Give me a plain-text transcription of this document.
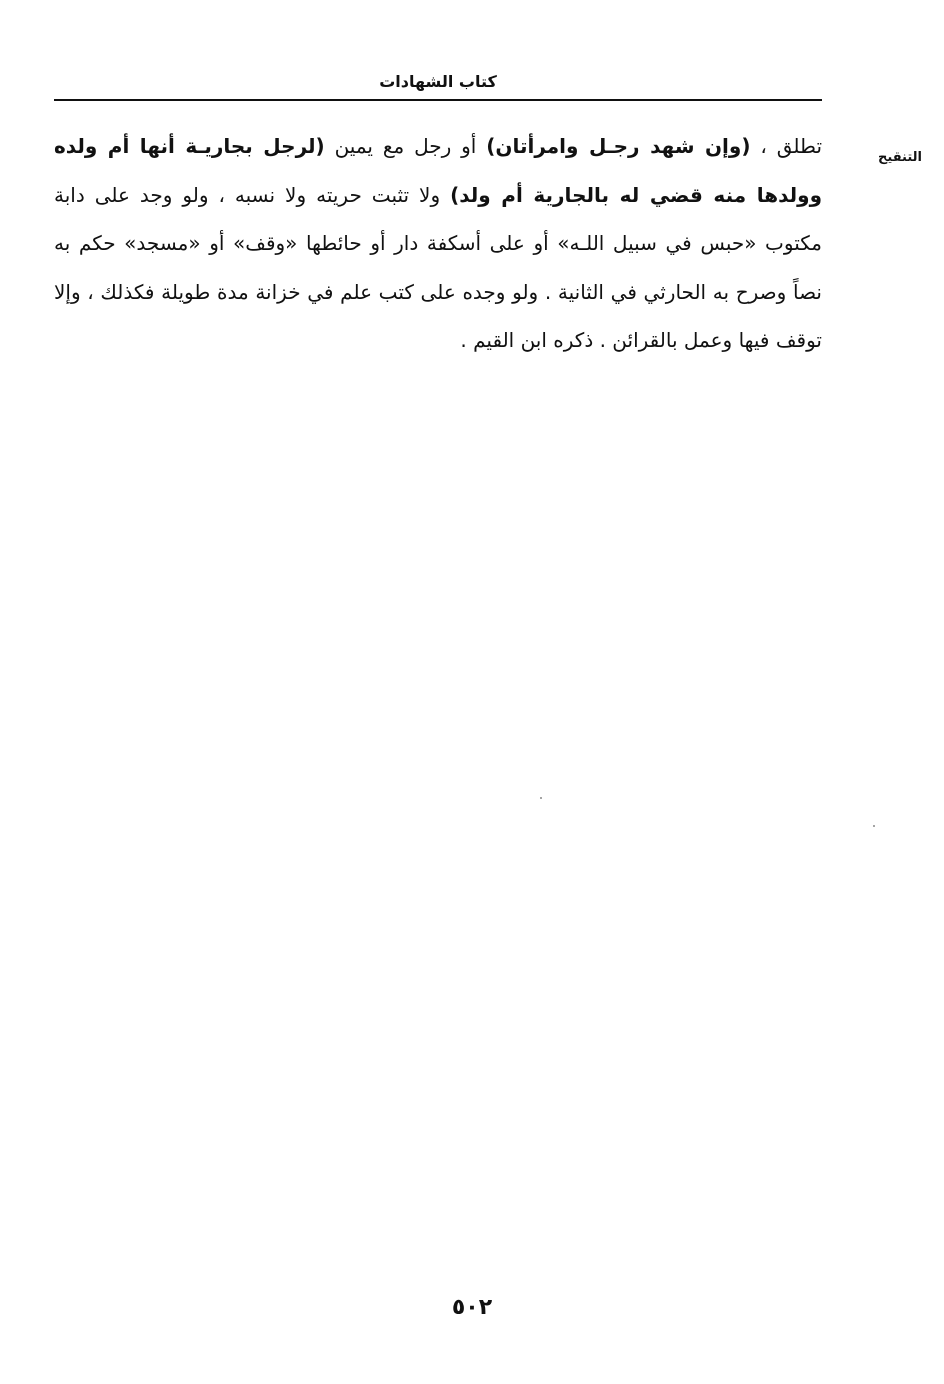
كتاب الشهادات
التنقيح
تطلق ، (وإن شهد رجـل وامرأتان) أو رجل مع يمين (لرجل بجاريـة أنها أم ولده وولدها منه قضي له بالجارية أم ولد) ولا تثبت حريته ولا نسبه ، ولو وجد على دابة مكتوب «حبس في سبيل اللـه» أو على أسكفة دار أو حائطها «وقف» أو «مسجد» حكم به نصاً وصرح به الحارثي في الثانية . ولو وجده على كتب علم في خزانة مدة طويلة فكذلك ، وإلا توقف فيها وعمل بالقرائن . ذكره ابن القيم .
٥٠٢
